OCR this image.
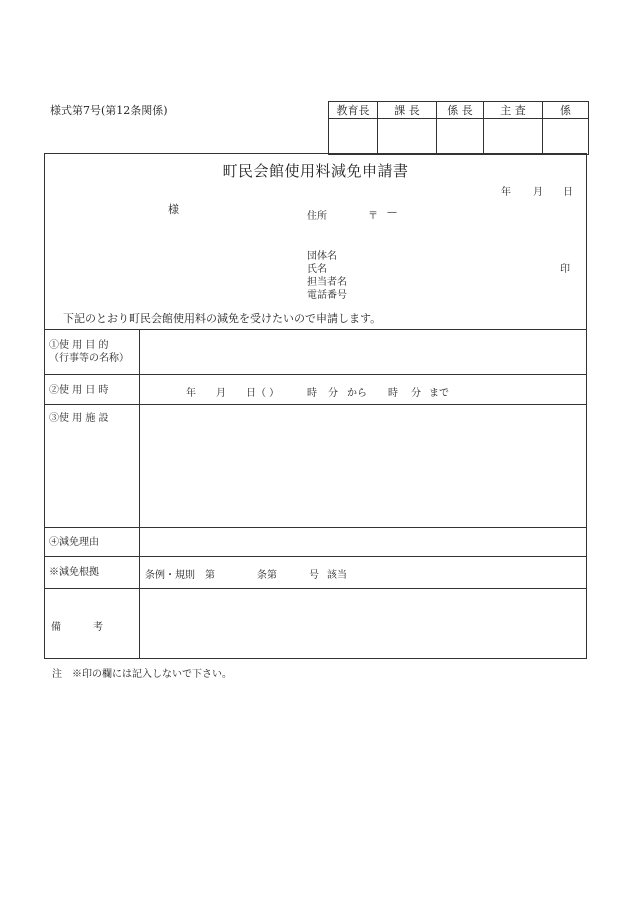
様式第7号(第12条関係)	教育長	課 長	係 長	主 査	係

町民会館使用料減免申請書
年 月 日
様
住所	〒 —
団体名
氏名	印
担当者名
電話番号
下記のとおり町民会館使用料の減免を受けたいので申請します。
①使 用 目 的
（行事等の名称）
②使 用 日 時	年 月 日（ ）	時 分 から 時 分 まで
③使 用 施 設
④減免理由
※減免根拠	条例・規則 第	条第	号 該当
備	考
注　※印の欄には記入しないで下さい。
